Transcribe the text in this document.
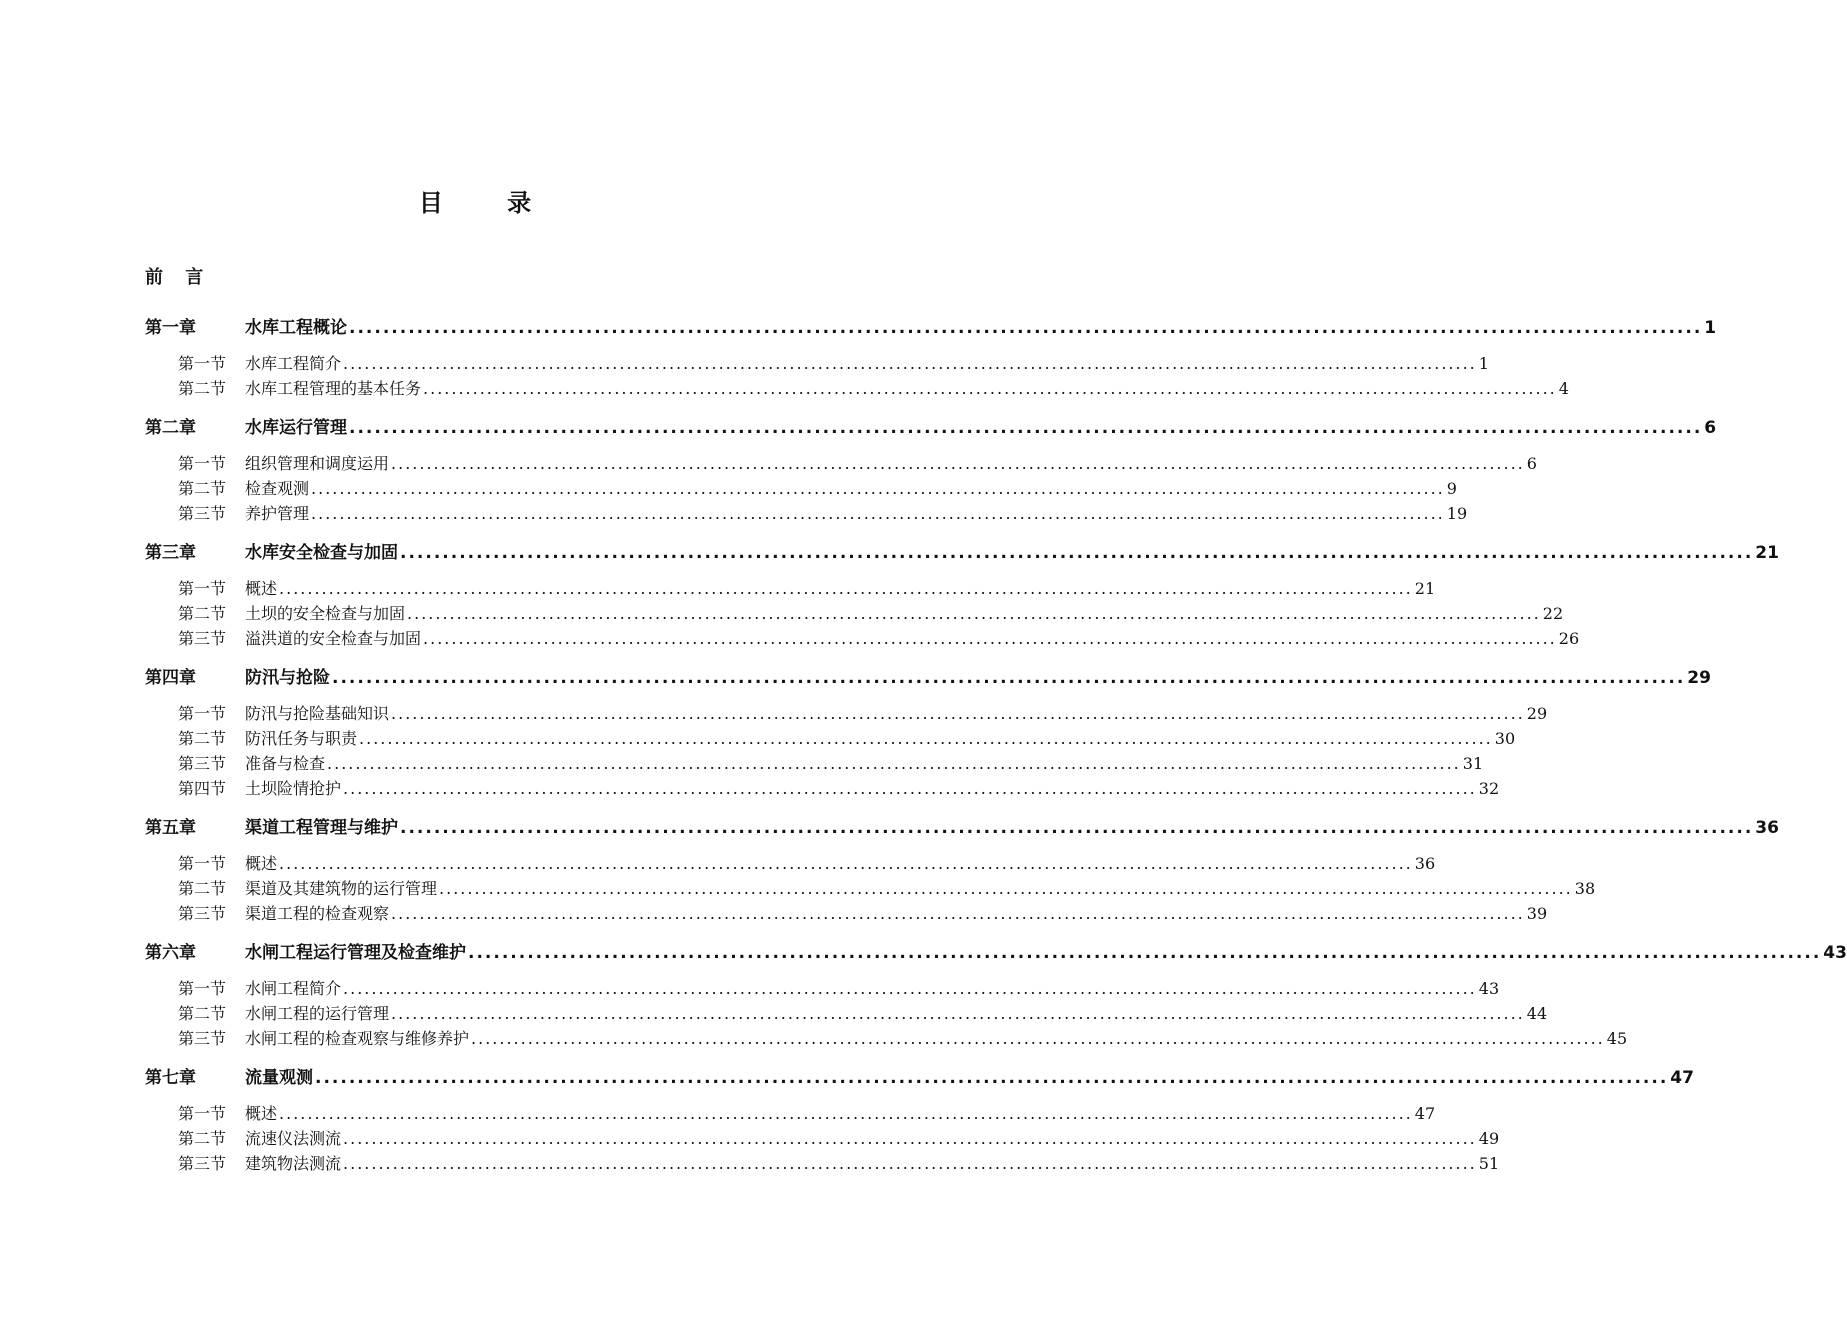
目 录
前 言
第一章	水库工程概论 ................................................................................................................................................................ 1
第一节	水库工程简介 ................................................................................................................................................................ 1
第二节	水库工程管理的基本任务 ................................................................................................................................................................ 4
第二章	水库运行管理 ................................................................................................................................................................ 6
第一节	组织管理和调度运用 ................................................................................................................................................................ 6
第二节	检查观测 ................................................................................................................................................................ 9
第三节	养护管理 ................................................................................................................................................................ 19
第三章	水库安全检查与加固 ................................................................................................................................................................ 21
第一节	概述 ................................................................................................................................................................ 21
第二节	土坝的安全检查与加固 ................................................................................................................................................................ 22
第三节	溢洪道的安全检查与加固 ................................................................................................................................................................ 26
第四章	防汛与抢险 ................................................................................................................................................................ 29
第一节	防汛与抢险基础知识 ................................................................................................................................................................ 29
第二节	防汛任务与职责 ................................................................................................................................................................ 30
第三节	准备与检查 ................................................................................................................................................................ 31
第四节	土坝险情抢护 ................................................................................................................................................................ 32
第五章	渠道工程管理与维护 ................................................................................................................................................................ 36
第一节	概述 ................................................................................................................................................................ 36
第二节	渠道及其建筑物的运行管理 ................................................................................................................................................................ 38
第三节	渠道工程的检查观察 ................................................................................................................................................................ 39
第六章	水闸工程运行管理及检查维护 ................................................................................................................................................................ 43
第一节	水闸工程简介 ................................................................................................................................................................ 43
第二节	水闸工程的运行管理 ................................................................................................................................................................ 44
第三节	水闸工程的检查观察与维修养护 ................................................................................................................................................................ 45
第七章	流量观测 ................................................................................................................................................................ 47
第一节	概述 ................................................................................................................................................................ 47
第二节	流速仪法测流 ................................................................................................................................................................ 49
第三节	建筑物法测流 ................................................................................................................................................................ 51
